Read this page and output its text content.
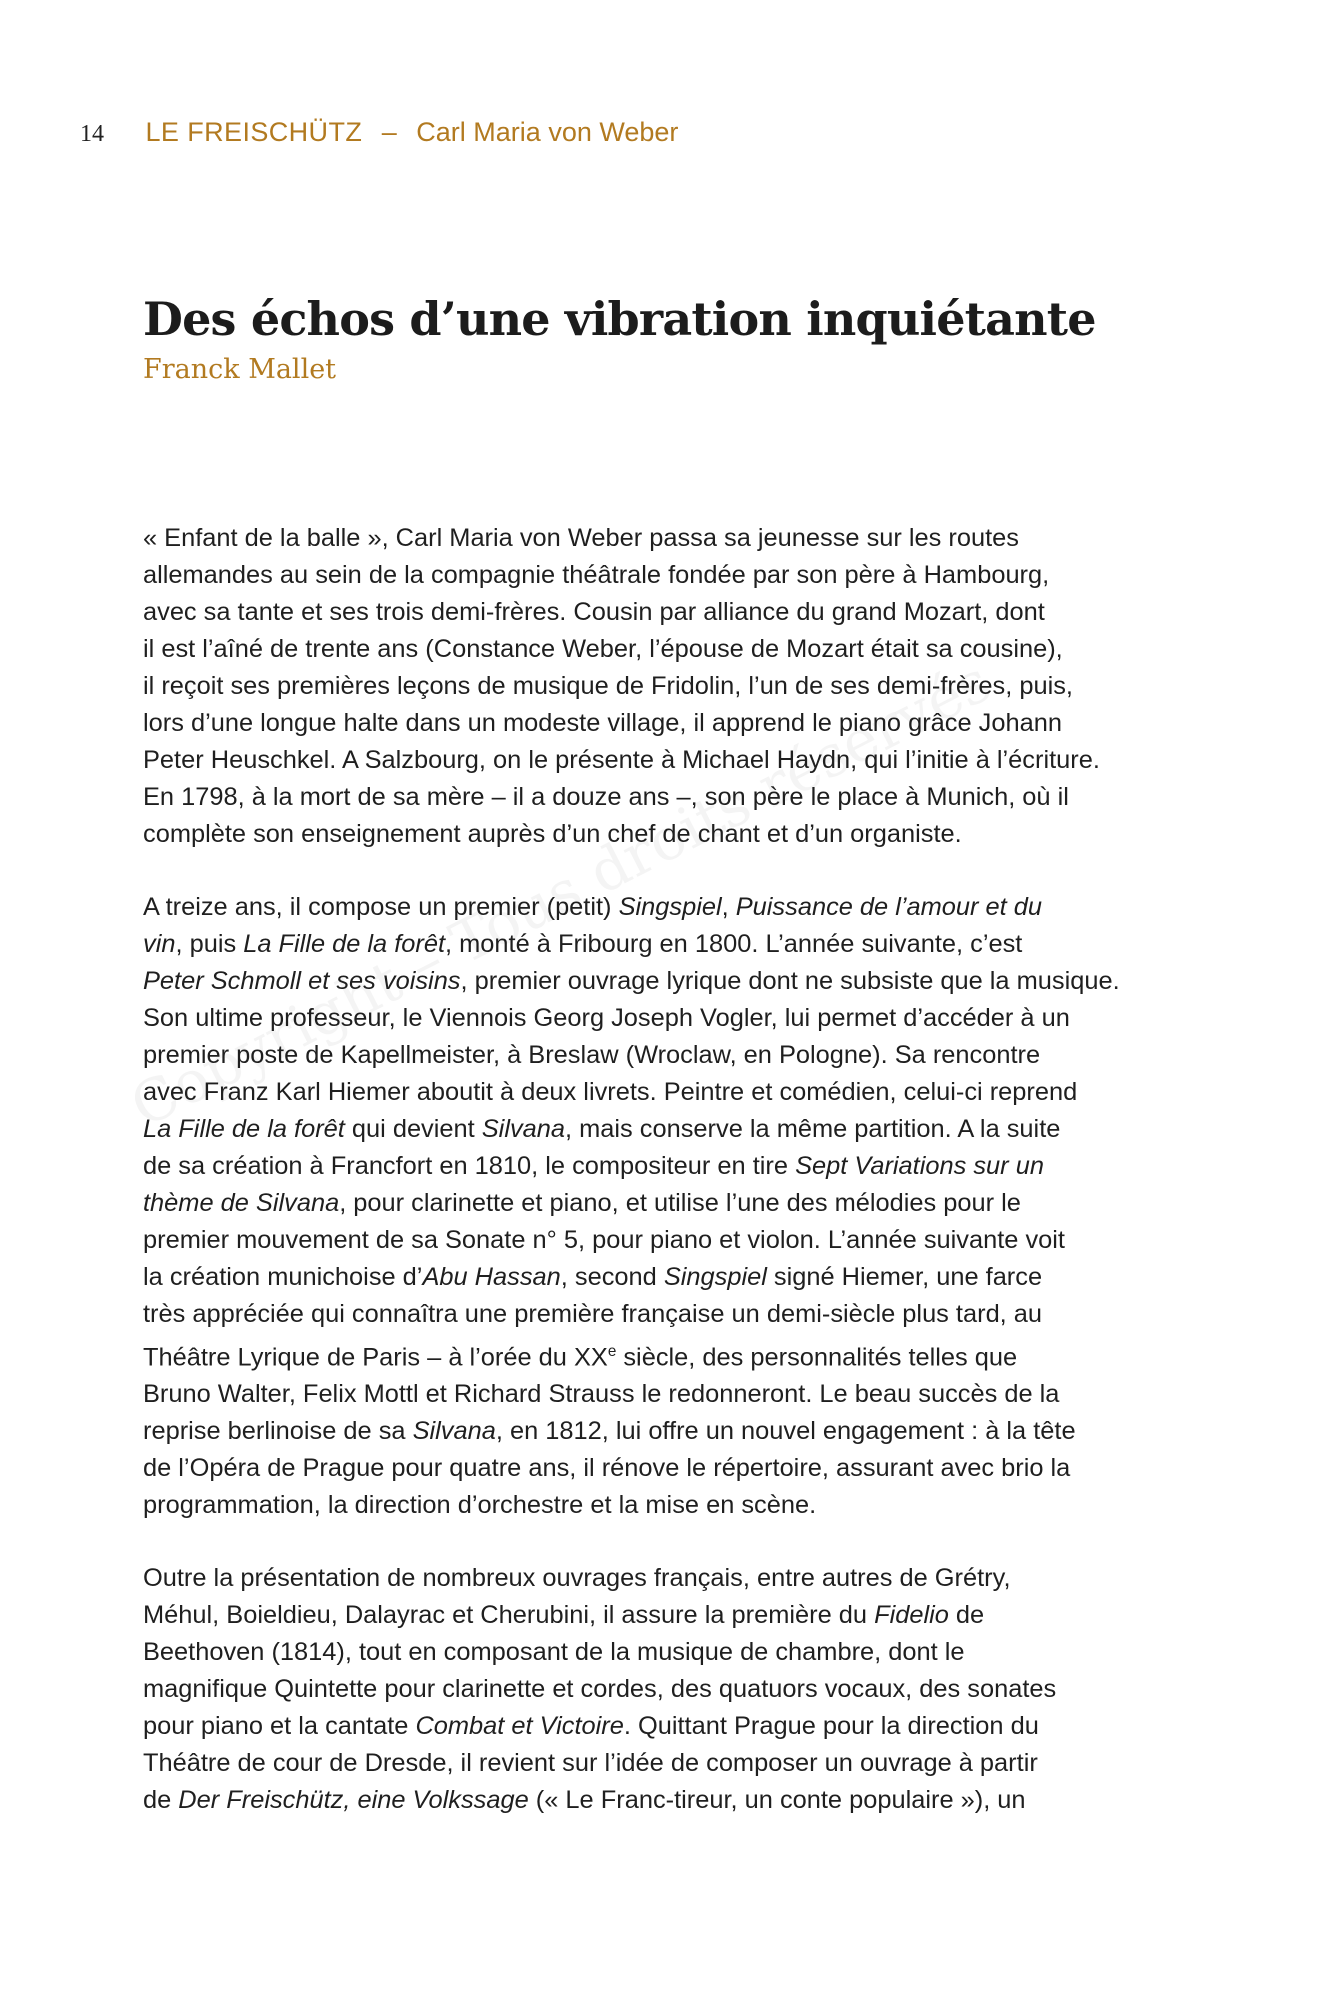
14 LE FREISCHÜTZ – Carl Maria von Weber
Des échos d’une vibration inquiétante
Franck Mallet

« Enfant de la balle », Carl Maria von Weber passa sa jeunesse sur les routes
allemandes au sein de la compagnie théâtrale fondée par son père à Hambourg,
avec sa tante et ses trois demi-frères. Cousin par alliance du grand Mozart, dont
il est l’aîné de trente ans (Constance Weber, l’épouse de Mozart était sa cousine),
il reçoit ses premières leçons de musique de Fridolin, l’un de ses demi-frères, puis,
lors d’une longue halte dans un modeste village, il apprend le piano grâce Johann
Peter Heuschkel. A Salzbourg, on le présente à Michael Haydn, qui l’initie à l’écriture.
En 1798, à la mort de sa mère – il a douze ans –, son père le place à Munich, où il
complète son enseignement auprès d’un chef de chant et d’un organiste.

A treize ans, il compose un premier (petit) Singspiel, Puissance de l’amour et du
vin, puis La Fille de la forêt, monté à Fribourg en 1800. L’année suivante, c’est
Peter Schmoll et ses voisins, premier ouvrage lyrique dont ne subsiste que la musique.
Son ultime professeur, le Viennois Georg Joseph Vogler, lui permet d’accéder à un
premier poste de Kapellmeister, à Breslaw (Wroclaw, en Pologne). Sa rencontre
avec Franz Karl Hiemer aboutit à deux livrets. Peintre et comédien, celui-ci reprend
La Fille de la forêt qui devient Silvana, mais conserve la même partition. A la suite
de sa création à Francfort en 1810, le compositeur en tire Sept Variations sur un
thème de Silvana, pour clarinette et piano, et utilise l’une des mélodies pour le
premier mouvement de sa Sonate n° 5, pour piano et violon. L’année suivante voit
la création munichoise d’Abu Hassan, second Singspiel signé Hiemer, une farce
très appréciée qui connaîtra une première française un demi-siècle plus tard, au
Théâtre Lyrique de Paris – à l’orée du XXe siècle, des personnalités telles que
Bruno Walter, Felix Mottl et Richard Strauss le redonneront. Le beau succès de la
reprise berlinoise de sa Silvana, en 1812, lui offre un nouvel engagement : à la tête
de l’Opéra de Prague pour quatre ans, il rénove le répertoire, assurant avec brio la
programmation, la direction d’orchestre et la mise en scène.

Outre la présentation de nombreux ouvrages français, entre autres de Grétry,
Méhul, Boieldieu, Dalayrac et Cherubini, il assure la première du Fidelio de
Beethoven (1814), tout en composant de la musique de chambre, dont le
magnifique Quintette pour clarinette et cordes, des quatuors vocaux, des sonates
pour piano et la cantate Combat et Victoire. Quittant Prague pour la direction du
Théâtre de cour de Dresde, il revient sur l’idée de composer un ouvrage à partir
de Der Freischütz, eine Volkssage (« Le Franc-tireur, un conte populaire »), un
